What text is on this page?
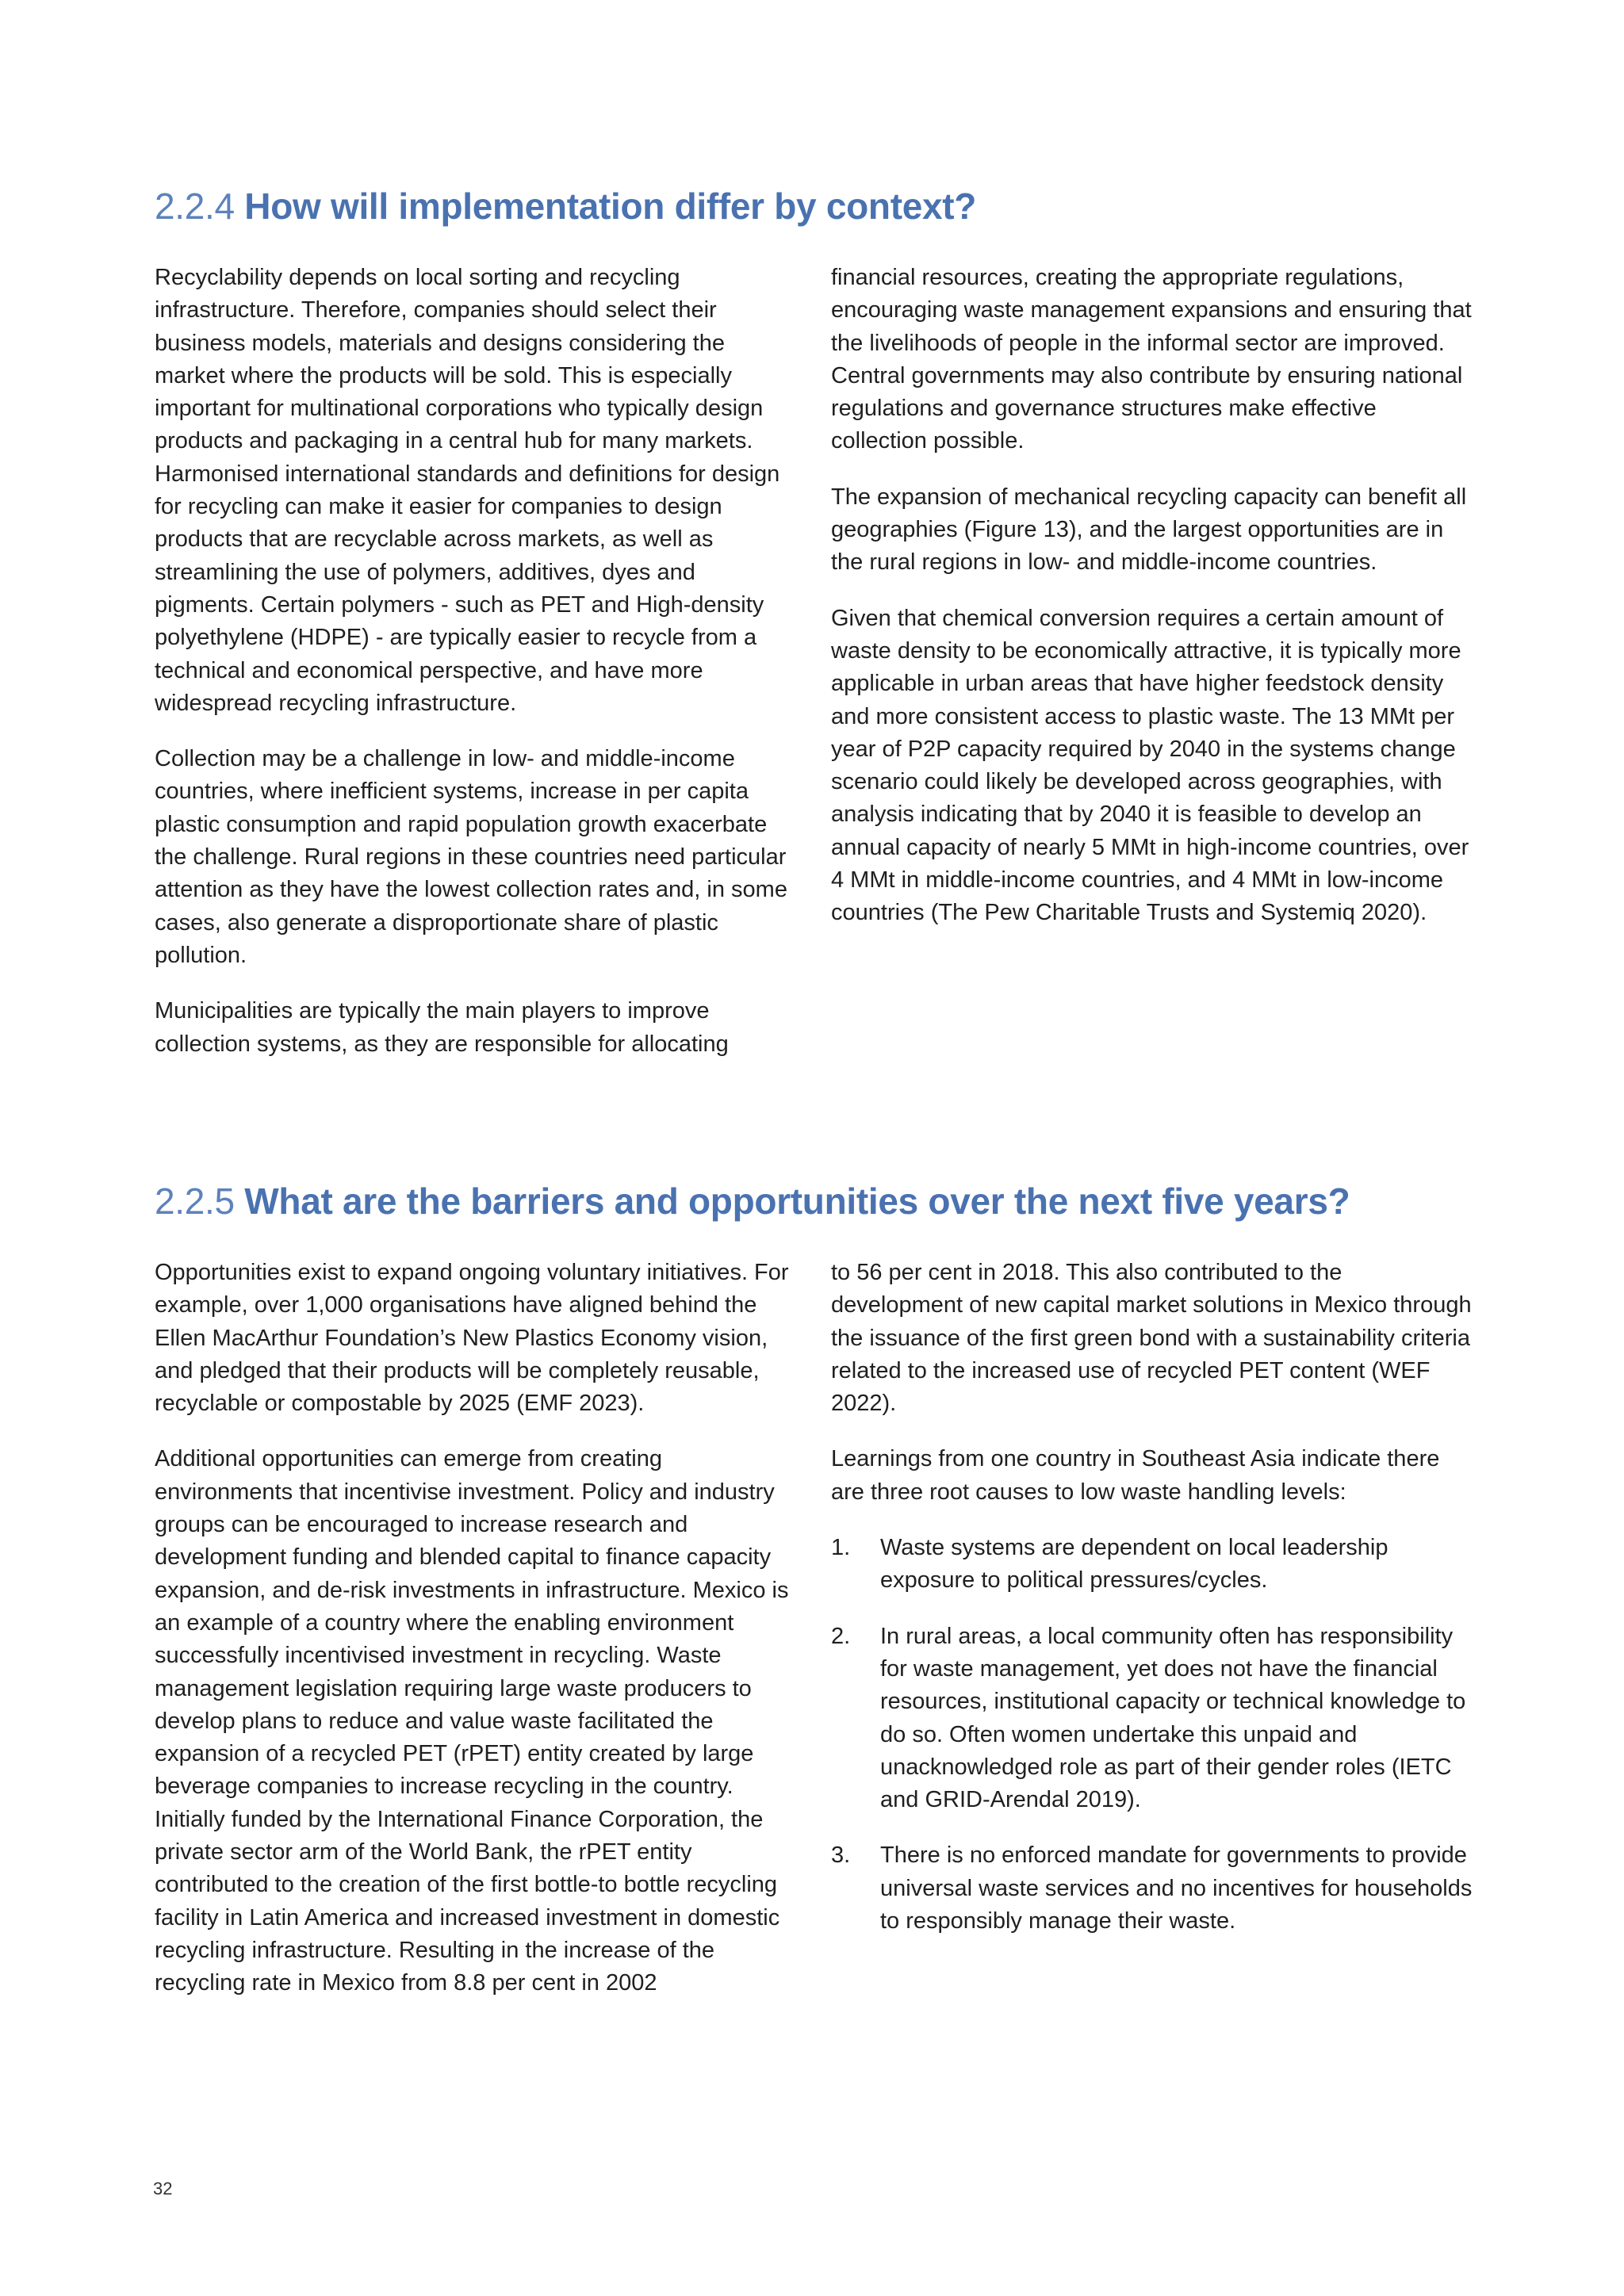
2.2.4 How will implementation differ by context?

Recyclability depends on local sorting and recycling infrastructure. Therefore, companies should select their business models, materials and designs considering the market where the products will be sold. This is especially important for multinational corporations who typically design products and packaging in a central hub for many markets. Harmonised international standards and definitions for design for recycling can make it easier for companies to design products that are recyclable across markets, as well as streamlining the use of polymers, additives, dyes and pigments. Certain polymers - such as PET and High-density polyethylene (HDPE) - are typically easier to recycle from a technical and economical perspective, and have more widespread recycling infrastructure.

Collection may be a challenge in low- and middle-income countries, where inefficient systems, increase in per capita plastic consumption and rapid population growth exacerbate the challenge. Rural regions in these countries need particular attention as they have the lowest collection rates and, in some cases, also generate a disproportionate share of plastic pollution.

Municipalities are typically the main players to improve collection systems, as they are responsible for allocating

financial resources, creating the appropriate regulations, encouraging waste management expansions and ensuring that the livelihoods of people in the informal sector are improved. Central governments may also contribute by ensuring national regulations and governance structures make effective collection possible.

The expansion of mechanical recycling capacity can benefit all geographies (Figure 13), and the largest opportunities are in the rural regions in low- and middle-income countries.

Given that chemical conversion requires a certain amount of waste density to be economically attractive, it is typically more applicable in urban areas that have higher feedstock density and more consistent access to plastic waste. The 13 MMt per year of P2P capacity required by 2040 in the systems change scenario could likely be developed across geographies, with analysis indicating that by 2040 it is feasible to develop an annual capacity of nearly 5 MMt in high-income countries, over 4 MMt in middle-income countries, and 4 MMt in low-income countries (The Pew Charitable Trusts and Systemiq 2020).

2.2.5 What are the barriers and opportunities over the next five years?

Opportunities exist to expand ongoing voluntary initiatives. For example, over 1,000 organisations have aligned behind the Ellen MacArthur Foundation’s New Plastics Economy vision, and pledged that their products will be completely reusable, recyclable or compostable by 2025 (EMF 2023).

Additional opportunities can emerge from creating environments that incentivise investment. Policy and industry groups can be encouraged to increase research and development funding and blended capital to finance capacity expansion, and de-risk investments in infrastructure. Mexico is an example of a country where the enabling environment successfully incentivised investment in recycling. Waste management legislation requiring large waste producers to develop plans to reduce and value waste facilitated the expansion of a recycled PET (rPET) entity created by large beverage companies to increase recycling in the country. Initially funded by the International Finance Corporation, the private sector arm of the World Bank, the rPET entity contributed to the creation of the first bottle-to bottle recycling facility in Latin America and increased investment in domestic recycling infrastructure. Resulting in the increase of the recycling rate in Mexico from 8.8 per cent in 2002

to 56 per cent in 2018. This also contributed to the development of new capital market solutions in Mexico through the issuance of the first green bond with a sustainability criteria related to the increased use of recycled PET content (WEF 2022).

Learnings from one country in Southeast Asia indicate there are three root causes to low waste handling levels:

1. Waste systems are dependent on local leadership exposure to political pressures/cycles.
2. In rural areas, a local community often has responsibility for waste management, yet does not have the financial resources, institutional capacity or technical knowledge to do so. Often women undertake this unpaid and unacknowledged role as part of their gender roles (IETC and GRID-Arendal 2019).
3. There is no enforced mandate for governments to provide universal waste services and no incentives for households to responsibly manage their waste.
32
